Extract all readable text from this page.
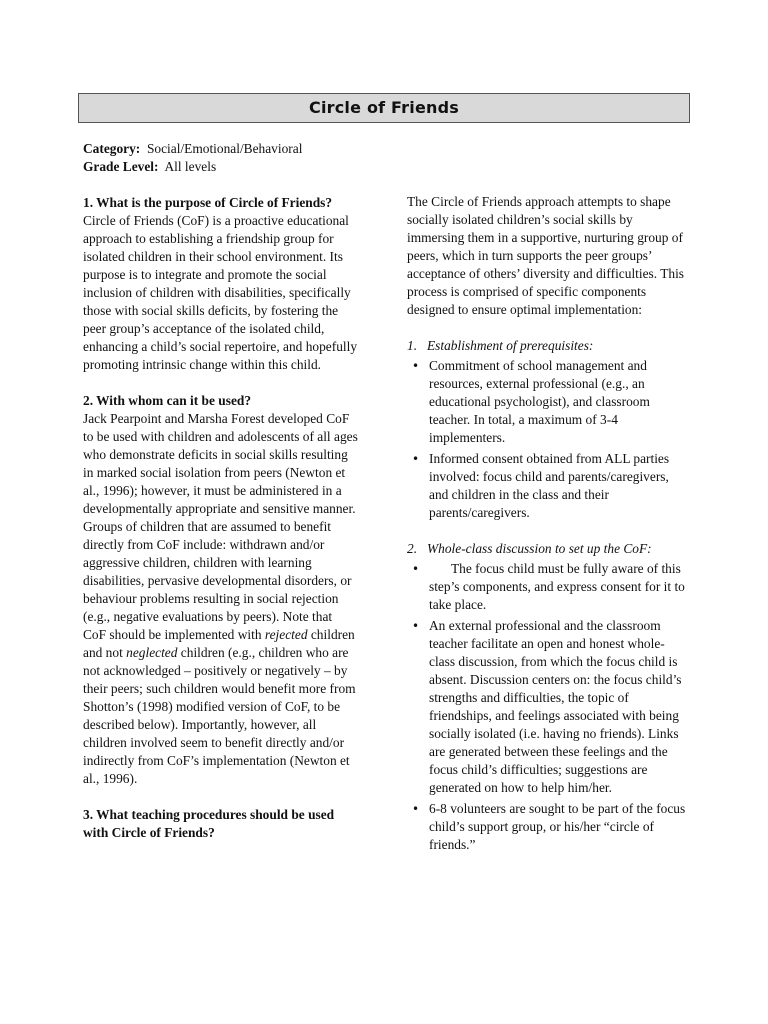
Circle of Friends

Category: Social/Emotional/Behavioral

Grade Level: All levels

1. What is the purpose of Circle of Friends?

Circle of Friends (CoF) is a proactive educational approach to establishing a friendship group for isolated children in their school environment. Its purpose is to integrate and promote the social inclusion of children with disabilities, specifically those with social skills deficits, by fostering the peer group’s acceptance of the isolated child, enhancing a child’s social repertoire, and hopefully promoting intrinsic change within this child.

2. With whom can it be used?

Jack Pearpoint and Marsha Forest developed CoF to be used with children and adolescents of all ages who demonstrate deficits in social skills resulting in marked social isolation from peers (Newton et al., 1996); however, it must be administered in a developmentally appropriate and sensitive manner.

Groups of children that are assumed to benefit directly from CoF include: withdrawn and/or aggressive children, children with learning disabilities, pervasive developmental disorders, or behaviour problems resulting in social rejection (e.g., negative evaluations by peers). Note that CoF should be implemented with rejected children and not neglected children (e.g., children who are not acknowledged – positively or negatively – by their peers; such children would benefit more from Shotton’s (1998) modified version of CoF, to be described below). Importantly, however, all children involved seem to benefit directly and/or indirectly from CoF’s implementation (Newton et al., 1996).

3. What teaching procedures should be used with Circle of Friends?

The Circle of Friends approach attempts to shape socially isolated children’s social skills by immersing them in a supportive, nurturing group of peers, which in turn supports the peer groups’ acceptance of others’ diversity and difficulties. This process is comprised of specific components designed to ensure optimal implementation:

1. Establishment of prerequisites:

• Commitment of school management and resources, external professional (e.g., an educational psychologist), and classroom teacher. In total, a maximum of 3-4 implementers.
• Informed consent obtained from ALL parties involved: focus child and parents/caregivers, and children in the class and their parents/caregivers.

2. Whole-class discussion to set up the CoF:

• The focus child must be fully aware of this step’s components, and express consent for it to take place.
• An external professional and the classroom teacher facilitate an open and honest whole-class discussion, from which the focus child is absent. Discussion centers on: the focus child’s strengths and difficulties, the topic of friendships, and feelings associated with being socially isolated (i.e. having no friends). Links are generated between these feelings and the focus child’s difficulties; suggestions are generated on how to help him/her.
• 6-8 volunteers are sought to be part of the focus child’s support group, or his/her “circle of friends.”
